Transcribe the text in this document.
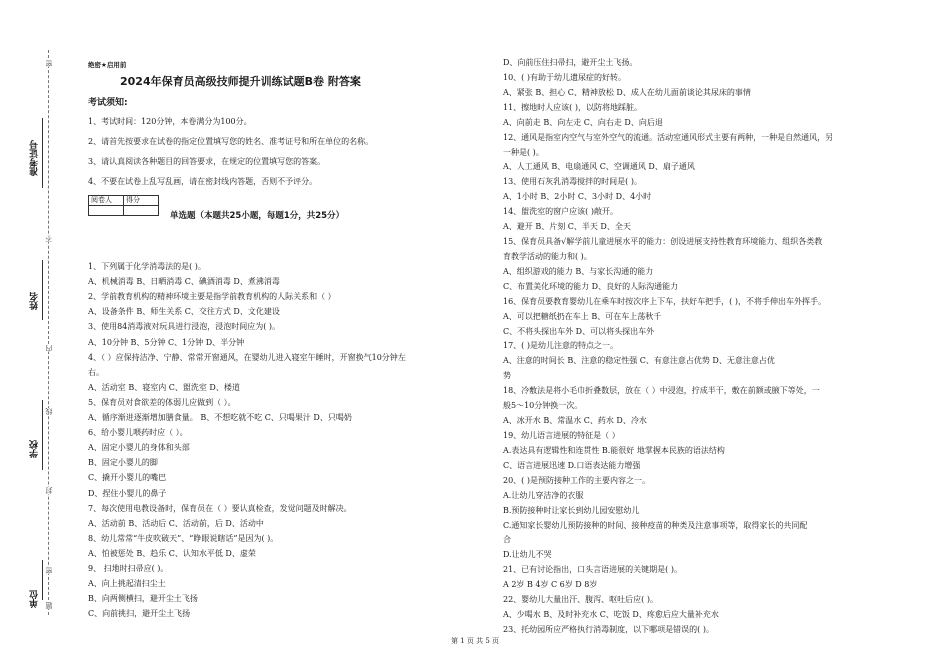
准考证号
姓名
学校
单位
密
不
内
线
封
密
题
绝密★启用前
2024年保育员高级技师提升训练试题B卷 附答案
考试须知:
1、考试时间：120分钟，本卷满分为100分。
2、请首先按要求在试卷的指定位置填写您的姓名、准考证号和所在单位的名称。
3、请认真阅读各种题目的回答要求，在规定的位置填写您的答案。
4、不要在试卷上乱写乱画，请在密封线内答题，否则不予评分。
阅卷人	得分

单选题（本题共25小题，每题1分，共25分）
1、下列属于化学消毒法的是( )。
A、机械消毒 B、日晒消毒 C、碘酒消毒 D、煮沸消毒
2、学前教育机构的精神环境主要是指学前教育机构的人际关系和（ ）
A、设备条件 B、师生关系 C、交往方式 D、文化建设
3、使用84消毒液对玩具进行浸泡，浸泡时间应为( )。
A、10分钟 B、5分钟 C、1分钟 D、半分钟
4、（ ）应保持洁净、宁静、常常开窗通风，在婴幼儿进入寝室午睡时，开窗换气10分钟左
右。
A、活动室 B、寝室内 C、盥洗室 D、楼道
5、保育员对食欲差的体弱儿应做到（ ）。
A、循序渐进逐渐增加膳食量。 B、不想吃就不吃 C、只喝果汁 D、只喝奶
6、给小婴儿喂药时应（ ）。
A、固定小婴儿的身体和头部
B、固定小婴儿的脚
C、撬开小婴儿的嘴巴
D、捏住小婴儿的鼻子
7、每次使用电教设备时，保育员在（ ）要认真检查，发觉问题及时解决。
A、活动前 B、活动后 C、活动前，后 D、活动中
8、幼儿常常“牛皮吹破天”、“睁眼说瞎话”是因为( )。
A、怕被惩处 B、趋乐 C、认知水平低 D、虚荣
9、 扫地时扫帚应( )。
A、向上挑起清扫尘土
B、向两侧横扫，避开尘土飞扬
C、向前挑扫，避开尘土飞扬
D、向前压住扫帚扫，避开尘土飞扬。
10、( )有助于幼儿遗尿症的好转。
A、紧张 B、担心 C、精神放松 D、成人在幼儿面前谈论其尿床的事情
11、擦地时人应该( )，以防将地踩脏。
A、向前走 B、向左走 C、向右走 D、向后退
12、通风是指室内空气与室外空气的流通。活动室通风形式主要有两种，一种是自然通风，另
一种是( )。
A、人工通风 B、电扇通风 C、空调通风 D、扇子通风
13、使用石灰乳消毒搅拌的时间是( )。
A、1小时 B、2小时 C、3小时 D、4小时
14、盥洗室的窗户应该( )敞开。
A、避开 B、片刻 C、半天 D、全天
15、保育员具备√解学前儿童进展水平的能力：创设进展支持性教育环境能力、组织各类教
育教学活动的能力和( )。
A、组织游戏的能力 B、与家长沟通的能力
C、布置美化环境的能力 D、良好的人际沟通能力
16、保育员要教育婴幼儿在乘车时按次序上下车，扶好车把手，( )，不将手伸出车外挥手。
A、可以把糖纸扔在车上 B、可在车上荡秋千
C、不将头探出车外 D、可以将头探出车外
17、( )是幼儿注意的特点之一。
A、注意的时间长 B、注意的稳定性强 C、有意注意占优势 D、无意注意占优
势
18、冷敷法是将小毛巾折叠数层，放在（ ）中浸泡，拧成半干，敷在前额或腋下等处，一
般5～10分钟换一次。
A、冰开水 B、常温水 C、药水 D、冷水
19、幼儿语言进展的特征是（ ）
A.表达具有逻辑性和连贯性 B.能很好 地掌握本民族的语法结构
C、语言进展迅速 D.口语表达能力增强
20、( )是预防接种工作的主要内容之一。
A.让幼儿穿洁净的衣服
B.预防接种时让家长到幼儿园安慰幼儿
C.通知家长婴幼儿预防接种的时间、接种疫苗的种类及注意事项等，取得家长的共同配
合
D.让幼儿不哭
21、已有讨论指出，口头言语进展的关键期是( )。
A 2岁 B 4岁 C 6岁 D 8岁
22、婴幼儿大量出汗、腹泻、呕吐后应( )。
A、少喝水 B、及时补充水 C、吃饭 D、疼愈后应大量补充水
23、托幼园所应严格执行消毒制度，以下哪项是错误的( )。
第 1 页 共 5 页
